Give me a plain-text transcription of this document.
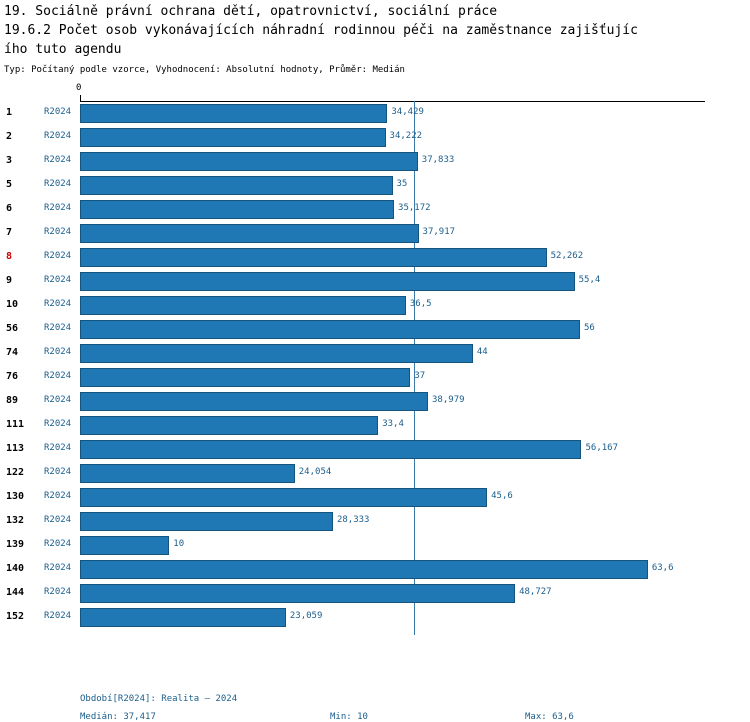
19. Sociálně právní ochrana dětí, opatrovnictví, sociální práce
19.6.2 Počet osob vykonávajících náhradní rodinnou péči na zaměstnance zajišťujíc
ího tuto agendu
Typ: Počítaný podle vzorce, Vyhodnocení: Absolutní hodnoty, Průměr: Medián
0
1	R2024	34,429
2	R2024	34,222
3	R2024	37,833
5	R2024	35
6	R2024	35,172
7	R2024	37,917
8	R2024	52,262
9	R2024	55,4
10	R2024	36,5
56	R2024	56
74	R2024	44
76	R2024	37
89	R2024	38,979
111	R2024	33,4
113	R2024	56,167
122	R2024	24,054
130	R2024	45,6
132	R2024	28,333
139	R2024	10
140	R2024	63,6
144	R2024	48,727
152	R2024	23,059
Období[R2024]: Realita – 2024
Medián: 37,417	Min: 10	Max: 63,6
